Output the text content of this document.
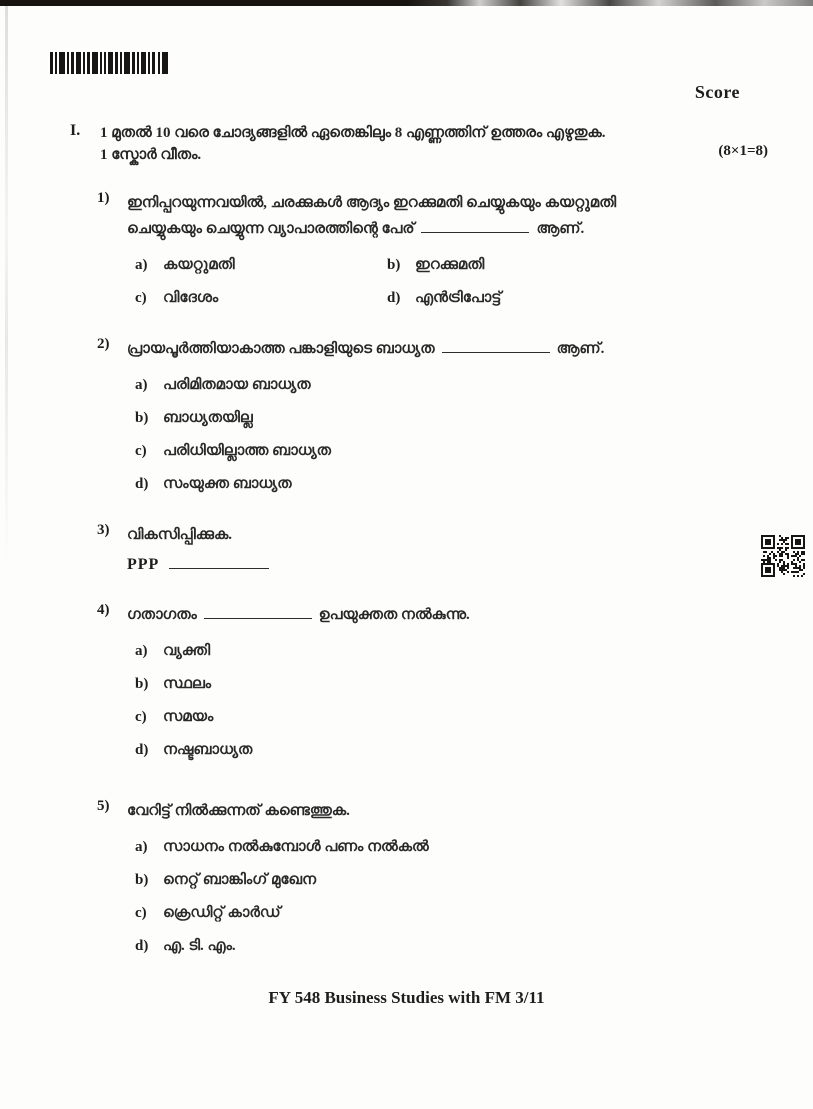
Score
I.	1 മുതൽ 10 വരെ ചോദ്യങ്ങളിൽ ഏതെങ്കിലും 8 എണ്ണത്തിന് ഉത്തരം എഴുതുക.
1 സ്കോർ വീതം.	(8×1=8)
1)	ഇനിപ്പറയുന്നവയിൽ, ചരക്കുകൾ ആദ്യം ഇറക്കുമതി ചെയ്യുകയും കയറ്റുമതി
ചെയ്യുകയും ചെയ്യുന്ന വ്യാപാരത്തിന്റെ പേര്	ആണ്.
a)	കയറ്റുമതി	b) ഇറക്കുമതി
c)	വിദേശം	d) എൻട്രിപോട്ട്
2)	പ്രായപൂർത്തിയാകാത്ത പങ്കാളിയുടെ ബാധ്യത	ആണ്.
a)	പരിമിതമായ ബാധ്യത
b) ബാധ്യതയില്ല
c)	പരിധിയില്ലാത്ത ബാധ്യത
d) സംയുക്ത ബാധ്യത
3)	വികസിപ്പിക്കുക.
PPP
4)	ഗതാഗതം	ഉപയുക്തത നൽകുന്നു.
a)	വ്യക്തി
b) സ്ഥലം
c)	സമയം
d) നഷ്ടബാധ്യത
5)	വേറിട്ട് നിൽക്കുന്നത് കണ്ടെത്തുക.
a)	സാധനം നൽകുമ്പോൾ പണം നൽകൽ
b) നെറ്റ് ബാങ്കിംഗ് മുഖേന
c)	ക്രെഡിറ്റ് കാർഡ്
d) എ. ടി. എം.
FY 548 Business Studies with FM 3/11
